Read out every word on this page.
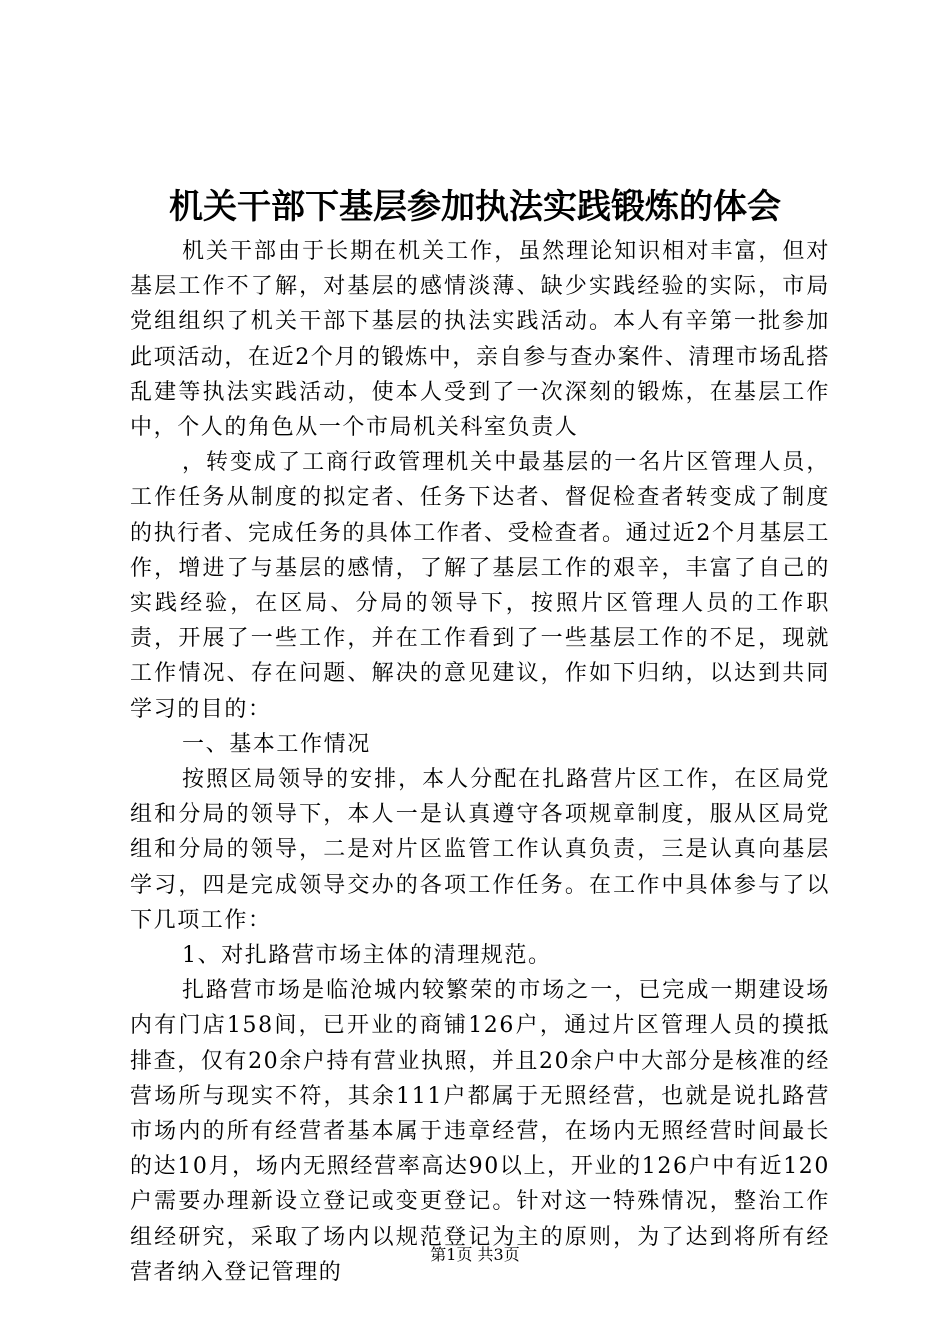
机关干部下基层参加执法实践锻炼的体会

机关干部由于长期在机关工作，虽然理论知识相对丰富，但对基层工作不了解，对基层的感情淡薄、缺少实践经验的实际，市局党组组织了机关干部下基层的执法实践活动。本人有辛第一批参加此项活动，在近2个月的锻炼中，亲自参与查办案件、清理市场乱搭乱建等执法实践活动，使本人受到了一次深刻的锻炼，在基层工作中，个人的角色从一个市局机关科室负责人

，转变成了工商行政管理机关中最基层的一名片区管理人员，工作任务从制度的拟定者、任务下达者、督促检查者转变成了制度的执行者、完成任务的具体工作者、受检查者。通过近2个月基层工作，增进了与基层的感情，了解了基层工作的艰辛，丰富了自己的实践经验，在区局、分局的领导下，按照片区管理人员的工作职责，开展了一些工作，并在工作看到了一些基层工作的不足，现就工作情况、存在问题、解决的意见建议，作如下归纳，以达到共同学习的目的：

一、基本工作情况

按照区局领导的安排，本人分配在扎路营片区工作，在区局党组和分局的领导下，本人一是认真遵守各项规章制度，服从区局党组和分局的领导，二是对片区监管工作认真负责，三是认真向基层学习，四是完成领导交办的各项工作任务。在工作中具体参与了以下几项工作：

1、对扎路营市场主体的清理规范。

扎路营市场是临沧城内较繁荣的市场之一，已完成一期建设场内有门店158间，已开业的商铺126户，通过片区管理人员的摸抵排查，仅有20余户持有营业执照，并且20余户中大部分是核准的经营场所与现实不符，其余111户都属于无照经营，也就是说扎路营市场内的所有经营者基本属于违章经营，在场内无照经营时间最长的达10月，场内无照经营率高达90以上，开业的126户中有近120户需要办理新设立登记或变更登记。针对这一特殊情况，整治工作组经研究，采取了场内以规范登记为主的原则，为了达到将所有经营者纳入登记管理的

第1页 共3页
